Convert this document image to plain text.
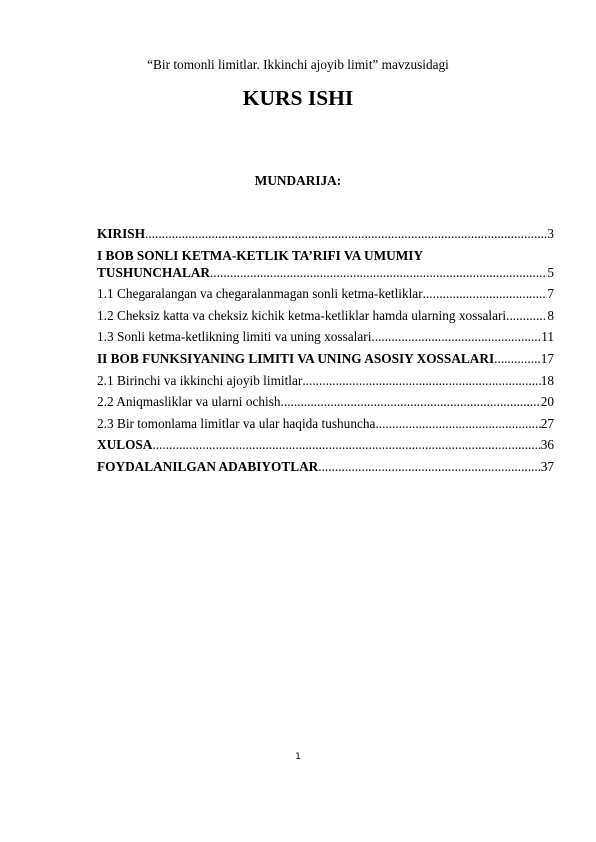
“Bir tomonli limitlar. Ikkinchi ajoyib limit” mavzusidagi
KURS ISHI
MUNDARIJA:
KIRISH .....	3
I BOB SONLI KETMA-KETLIK TA’RIFI VA UMUMIY
TUSHUNCHALAR .....	5
1.1 Chegaralangan va chegaralanmagan sonli ketma-ketliklar .....	7
1.2 Cheksiz katta va cheksiz kichik ketma-ketliklar hamda ularning xossalari .....	8
1.3 Sonli ketma-ketlikning limiti va uning xossalari .....	11
II BOB FUNKSIYANING LIMITI VA UNING ASOSIY XOSSALARI .....	17
2.1 Birinchi va ikkinchi ajoyib limitlar .....	18
2.2 Aniqmasliklar va ularni ochish .....	20
2.3 Bir tomonlama limitlar va ular haqida tushuncha .....	27
XULOSA .....	36
FOYDALANILGAN ADABIYOTLAR .....	37
1
